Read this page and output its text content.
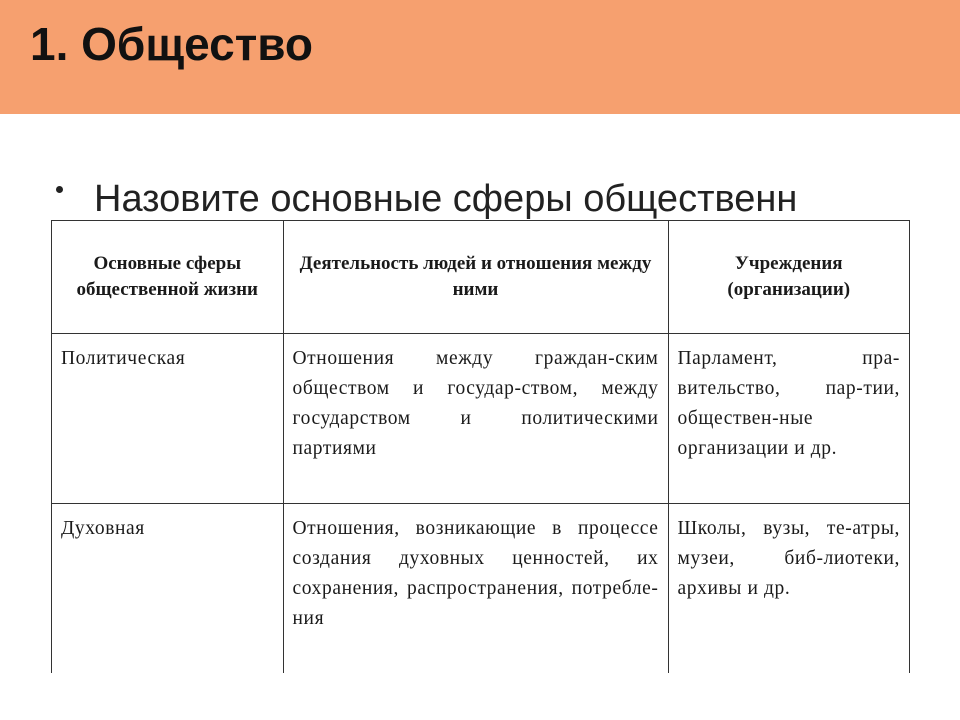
1. Общество

Назовите основные сферы общественн

Основные сферы общественной жизни	Деятельность людей и отношения между ними	Учреждения (организации)
Политическая	Отношения между граждан-ским обществом и государ-ством, между государством и политическими партиями	Парламент, пра-вительство, пар-тии, обществен-ные организации и др.
Духовная	Отношения, возникающие в процессе создания духовных ценностей, их сохранения, распространения, потребле-ния	Школы, вузы, те-атры, музеи, биб-лиотеки, архивы и др.
